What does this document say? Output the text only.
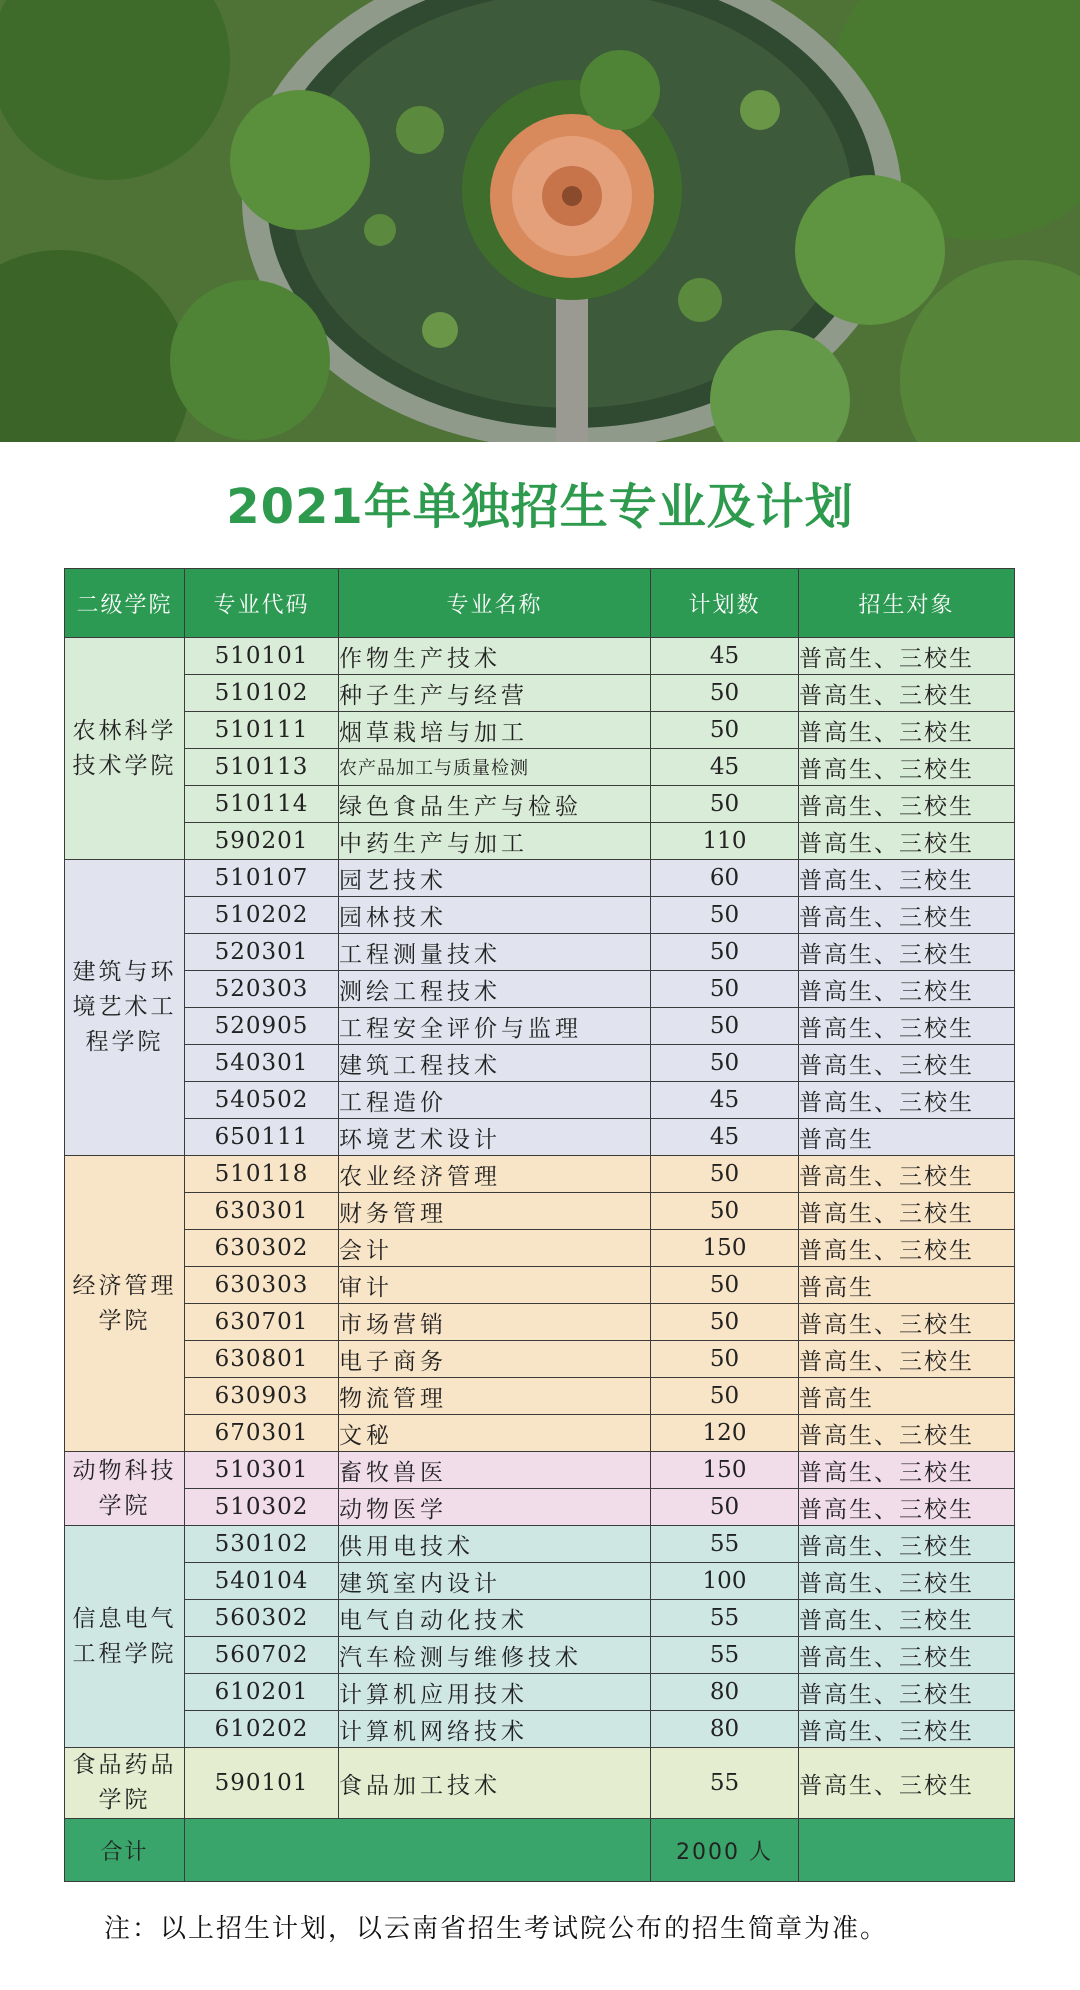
2021年单独招生专业及计划
二级学院	专业代码	专业名称	计划数	招生对象
农林科学技术学院	510101	作物生产技术	45	普高生、三校生
	510102	种子生产与经营	50	普高生、三校生
	510111	烟草栽培与加工	50	普高生、三校生
	510113	农产品加工与质量检测	45	普高生、三校生
	510114	绿色食品生产与检验	50	普高生、三校生
	590201	中药生产与加工	110	普高生、三校生
建筑与环境艺术工程学院	510107	园艺技术	60	普高生、三校生
	510202	园林技术	50	普高生、三校生
	520301	工程测量技术	50	普高生、三校生
	520303	测绘工程技术	50	普高生、三校生
	520905	工程安全评价与监理	50	普高生、三校生
	540301	建筑工程技术	50	普高生、三校生
	540502	工程造价	45	普高生、三校生
	650111	环境艺术设计	45	普高生
经济管理学院	510118	农业经济管理	50	普高生、三校生
	630301	财务管理	50	普高生、三校生
	630302	会计	150	普高生、三校生
	630303	审计	50	普高生
	630701	市场营销	50	普高生、三校生
	630801	电子商务	50	普高生、三校生
	630903	物流管理	50	普高生
	670301	文秘	120	普高生、三校生
动物科技学院	510301	畜牧兽医	150	普高生、三校生
	510302	动物医学	50	普高生、三校生
信息电气工程学院	530102	供用电技术	55	普高生、三校生
	540104	建筑室内设计	100	普高生、三校生
	560302	电气自动化技术	55	普高生、三校生
	560702	汽车检测与维修技术	55	普高生、三校生
	610201	计算机应用技术	80	普高生、三校生
	610202	计算机网络技术	80	普高生、三校生
食品药品学院	590101	食品加工技术	55	普高生、三校生
合计			2000 人	
注：以上招生计划，以云南省招生考试院公布的招生简章为准。
